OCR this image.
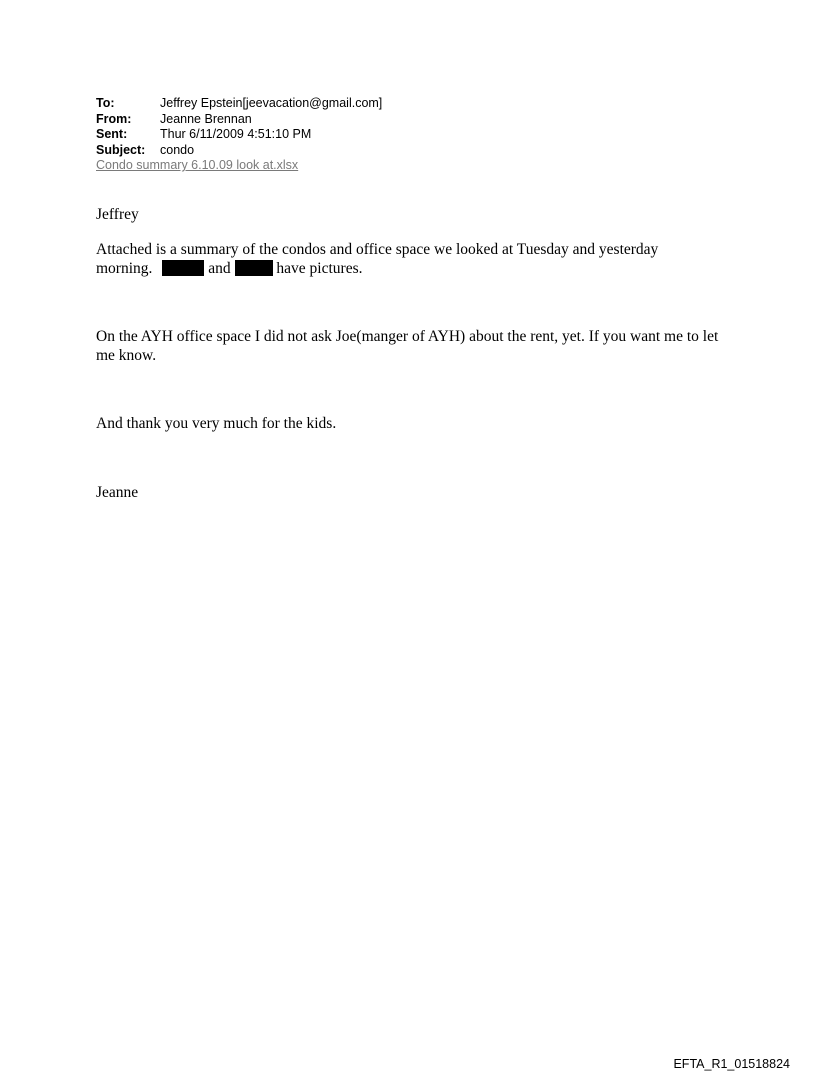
To:	Jeffrey Epstein[jeevacation@gmail.com]
From:	Jeanne Brennan
Sent:	Thur 6/11/2009 4:51:10 PM
Subject:	condo
Condo summary 6.10.09 look at.xlsx
Jeffrey
Attached is a summary of the condos and office space we looked at Tuesday and yesterday
morning.	and  have pictures.
On the AYH office space I did not ask Joe(manger of AYH) about the rent, yet. If you want me to let me know.
And thank you very much for the kids.
Jeanne
EFTA_R1_01518824
